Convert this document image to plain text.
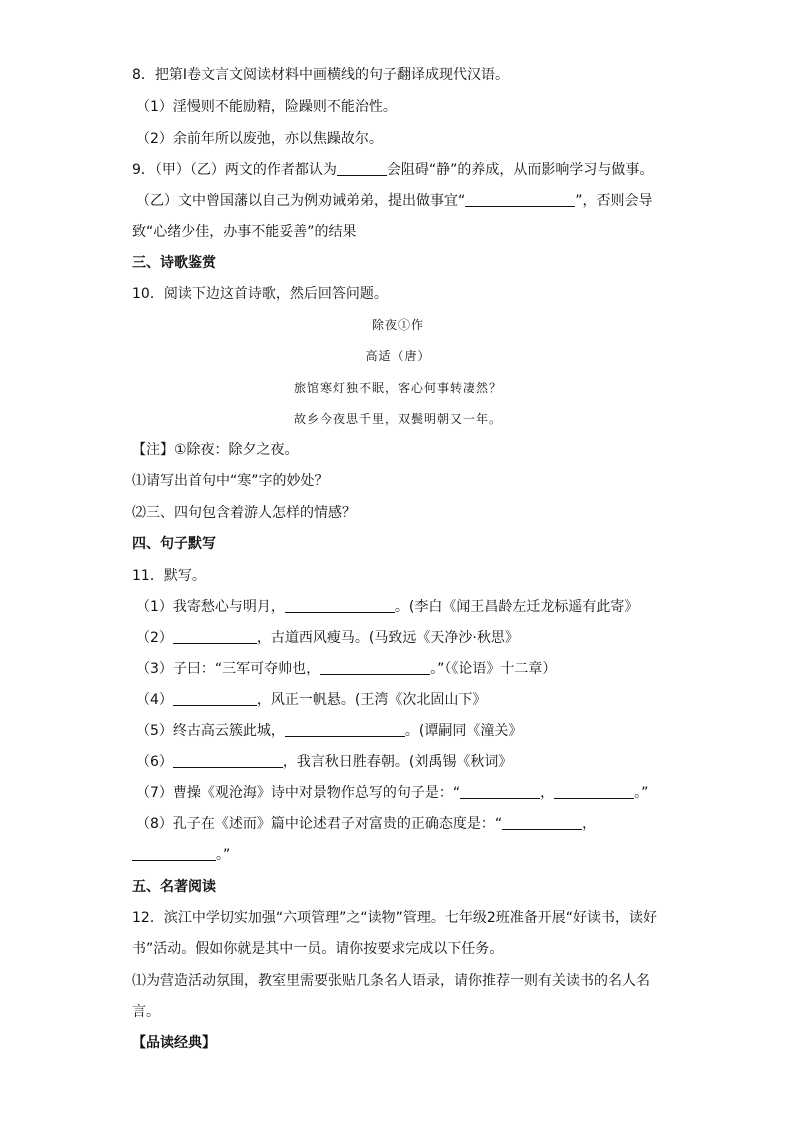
8．把第Ⅰ卷文言文阅读材料中画横线的句子翻译成现代汉语。
（1）淫慢则不能励精，险躁则不能治性。
（2）余前年所以废弛，亦以焦躁故尔。
9．（甲）（乙）两文的作者都认为	会阻碍“静”的养成，从而影响学习与做事。
（乙）文中曾国藩以自己为例劝诫弟弟，提出做事宜“	”，否则会导
致“心绪少佳，办事不能妥善”的结果
三、诗歌鉴赏
10．阅读下边这首诗歌，然后回答问题。
除夜①作
高适（唐）
旅馆寒灯独不眠，客心何事转凄然？
故乡今夜思千里，双鬓明朝又一年。
【注】①除夜：除夕之夜。
⑴请写出首句中“寒”字的妙处？
⑵三、四句包含着游人怎样的情感？
四、句子默写
11．默写。
（1）我寄愁心与明月，	。(李白《闻王昌龄左迁龙标遥有此寄》
（2）	，古道西风瘦马。(马致远《天净沙·秋思》
（3）子曰：“三军可夺帅也，	。”（《论语》十二章）
（4）	，风正一帆悬。(王湾《次北固山下》
（5）终古高云簇此城，	。(谭嗣同《潼关》
（6）	，我言秋日胜春朝。(刘禹锡《秋词》
（7）曹操《观沧海》诗中对景物作总写的句子是：“	，	。”
（8）孔子在《述而》篇中论述君子对富贵的正确态度是：“	，
。”
五、名著阅读
12．滨江中学切实加强“六项管理”之“读物”管理。七年级2班准备开展“好读书，读好
书”活动。假如你就是其中一员。请你按要求完成以下任务。
⑴为营造活动氛围，教室里需要张贴几条名人语录，请你推荐一则有关读书的名人名
言。
【品读经典】
